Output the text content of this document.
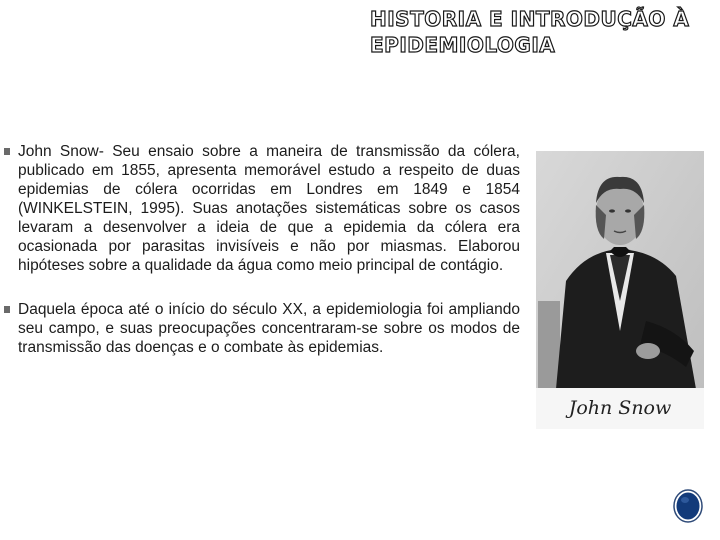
HISTORIA E INTRODUÇÃO À EPIDEMIOLOGIA
John Snow- Seu ensaio sobre a maneira de transmissão da cólera, publicado em 1855, apresenta memorável estudo a respeito de duas epidemias de cólera ocorridas em Londres em 1849 e 1854 (WINKELSTEIN, 1995). Suas anotações sistemáticas sobre os casos levaram a desenvolver a ideia de que a epidemia da cólera era ocasionada por parasitas invisíveis e não por miasmas. Elaborou hipóteses sobre a qualidade da água como meio principal de contágio.
Daquela época até o início do século XX, a epidemiologia foi ampliando seu campo, e suas preocupações concentraram-se sobre os modos de transmissão das doenças e o combate às epidemias.
John Snow
